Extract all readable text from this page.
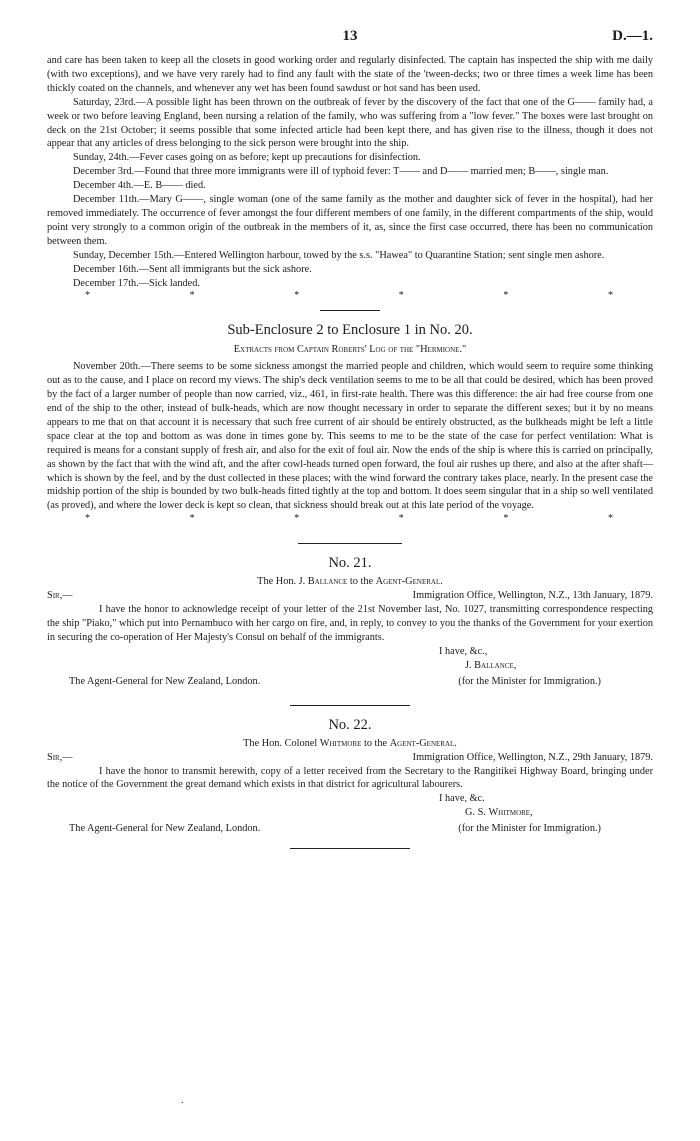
13	D.—1.

and care has been taken to keep all the closets in good working order and regularly disinfected. The captain has inspected the ship with me daily (with two exceptions), and we have very rarely had to find any fault with the state of the 'tween-decks; two or three times a week lime has been thickly coated on the channels, and whenever any wet has been found sawdust or hot sand has been used.

Saturday, 23rd.—A possible light has been thrown on the outbreak of fever by the discovery of the fact that one of the G—— family had, a week or two before leaving England, been nursing a relation of the family, who was suffering from a "low fever." The boxes were last brought on deck on the 21st October; it seems possible that some infected article had been kept there, and has given rise to the illness, though it does not appear that any articles of dress belonging to the sick person were brought into the ship.

Sunday, 24th.—Fever cases going on as before; kept up precautions for disinfection.

December 3rd.—Found that three more immigrants were ill of typhoid fever: T—— and D—— married men; B——, single man.

December 4th.—E. B—— died.

December 11th.—Mary G——, single woman (one of the same family as the mother and daughter sick of fever in the hospital), had her removed immediately. The occurrence of fever amongst the four different members of one family, in the different compartments of the ship, would point very strongly to a common origin of the outbreak in the members of it, as, since the first case occurred, there has been no communication between them.

Sunday, December 15th.—Entered Wellington harbour, towed by the s.s. "Hawea" to Quarantine Station; sent single men ashore.

December 16th.—Sent all immigrants but the sick ashore.

December 17th.—Sick landed.

*	*	*	*	*	*
Sub-Enclosure 2 to Enclosure 1 in No. 20.
Extracts from Captain Roberts' Log of the "Hermione."

November 20th.—There seems to be some sickness amongst the married people and children, which would seem to require some thinking out as to the cause, and I place on record my views. The ship's deck ventilation seems to me to be all that could be desired, which has been proved by the fact of a larger number of people than now carried, viz., 461, in first-rate health. There was this difference: the air had free course from one end of the ship to the other, instead of bulk-heads, which are now thought necessary in order to separate the different sexes; but it by no means appears to me that on that account it is necessary that such free current of air should be entirely obstructed, as the bulkheads might be left a little space clear at the top and bottom as was done in times gone by. This seems to me to be the state of the case for perfect ventilation: What is required is means for a constant supply of fresh air, and also for the exit of foul air. Now the ends of the ship is where this is carried on principally, as shown by the fact that with the wind aft, and the after cowl-heads turned open forward, the foul air rushes up there, and also at the after shaft—which is shown by the feel, and by the dust collected in these places; with the wind forward the contrary takes place, nearly. In the present case the midship portion of the ship is bounded by two bulk-heads fitted tightly at the top and bottom. It does seem singular that in a ship so well ventilated (as proved), and where the lower deck is kept so clean, that sickness should break out at this late period of the voyage.

*	*	*	*	*	*
No. 21.
The Hon. J. Ballance to the Agent-General.
Sir,—	Immigration Office, Wellington, N.Z., 13th January, 1879.

I have the honor to acknowledge receipt of your letter of the 21st November last, No. 1027, transmitting correspondence respecting the ship "Piako," which put into Pernambuco with her cargo on fire, and, in reply, to convey to you the thanks of the Government for your exertion in securing the co-operation of Her Majesty's Consul on behalf of the immigrants.

I have, &c.,
J. Ballance,
The Agent-General for New Zealand, London.	(for the Minister for Immigration.)
No. 22.
The Hon. Colonel Whitmore to the Agent-General.
Sir,—	Immigration Office, Wellington, N.Z., 29th January, 1879.

I have the honor to transmit herewith, copy of a letter received from the Secretary to the Rangitikei Highway Board, bringing under the notice of the Government the great demand which exists in that district for agricultural labourers.

I have, &c.
G. S. Whitmore,
The Agent-General for New Zealand, London.	(for the Minister for Immigration.)
.
